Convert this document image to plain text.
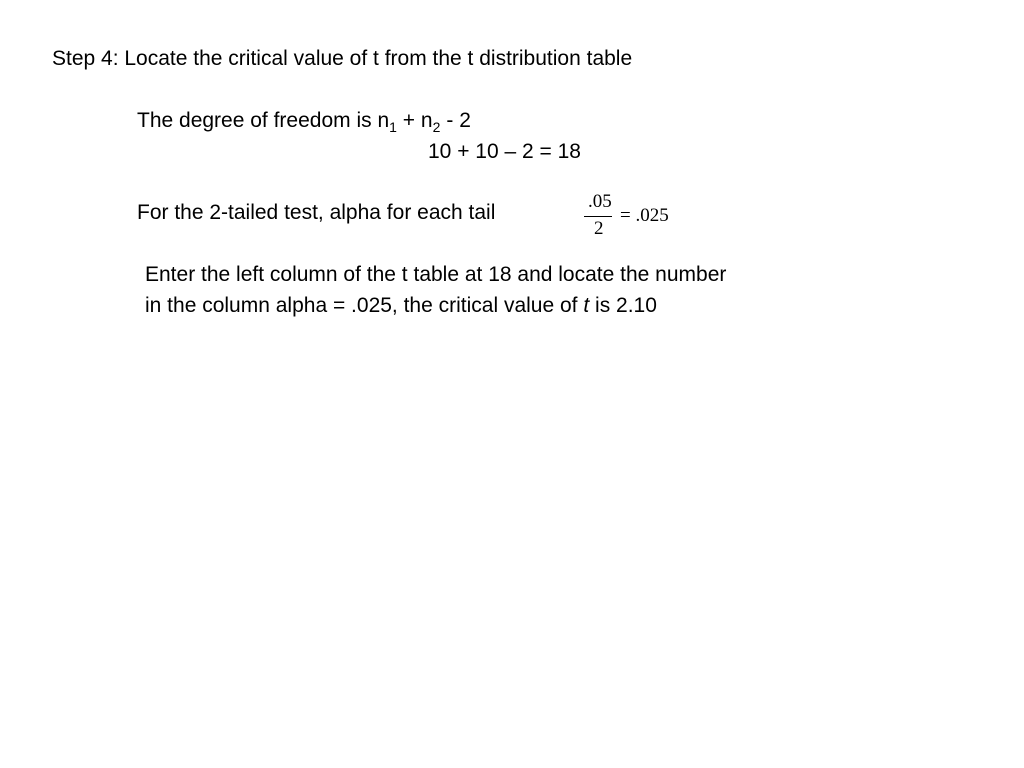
Step 4: Locate the critical value of t from the t distribution table
The degree of freedom is $n_1 + n_2 - 2$
10 + 10 – 2 = 18
For the 2-tailed test, alpha for each tail	.05
2
= .025
Enter the left column of the t table at 18 and locate the number
in the column alpha = .025, the critical value of t is 2.10
